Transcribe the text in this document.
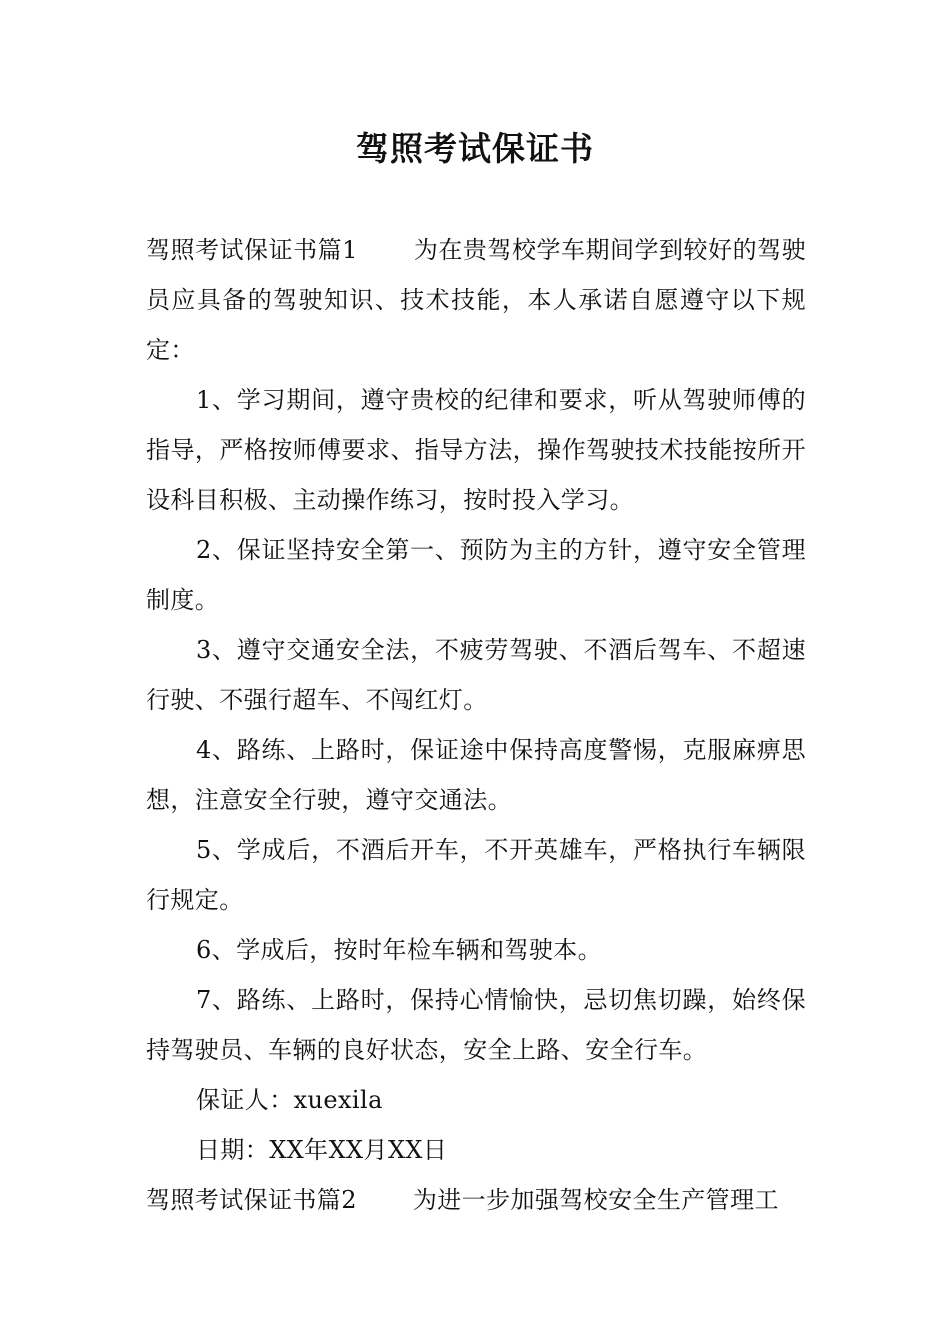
驾照考试保证书

驾照考试保证书篇1 为在贵驾校学车期间学到较好的驾驶员应具备的驾驶知识、技术技能，本人承诺自愿遵守以下规定：

1、学习期间，遵守贵校的纪律和要求，听从驾驶师傅的指导，严格按师傅要求、指导方法，操作驾驶技术技能按所开设科目积极、主动操作练习，按时投入学习。

2、保证坚持安全第一、预防为主的方针，遵守安全管理制度。

3、遵守交通安全法，不疲劳驾驶、不酒后驾车、不超速行驶、不强行超车、不闯红灯。

4、路练、上路时，保证途中保持高度警惕，克服麻痹思想，注意安全行驶，遵守交通法。

5、学成后，不酒后开车，不开英雄车，严格执行车辆限行规定。

6、学成后，按时年检车辆和驾驶本。

7、路练、上路时，保持心情愉快，忌切焦切躁，始终保持驾驶员、车辆的良好状态，安全上路、安全行车。

保证人：xuexila

日期：XX年XX月XX日

驾照考试保证书篇2 为进一步加强驾校安全生产管理工
